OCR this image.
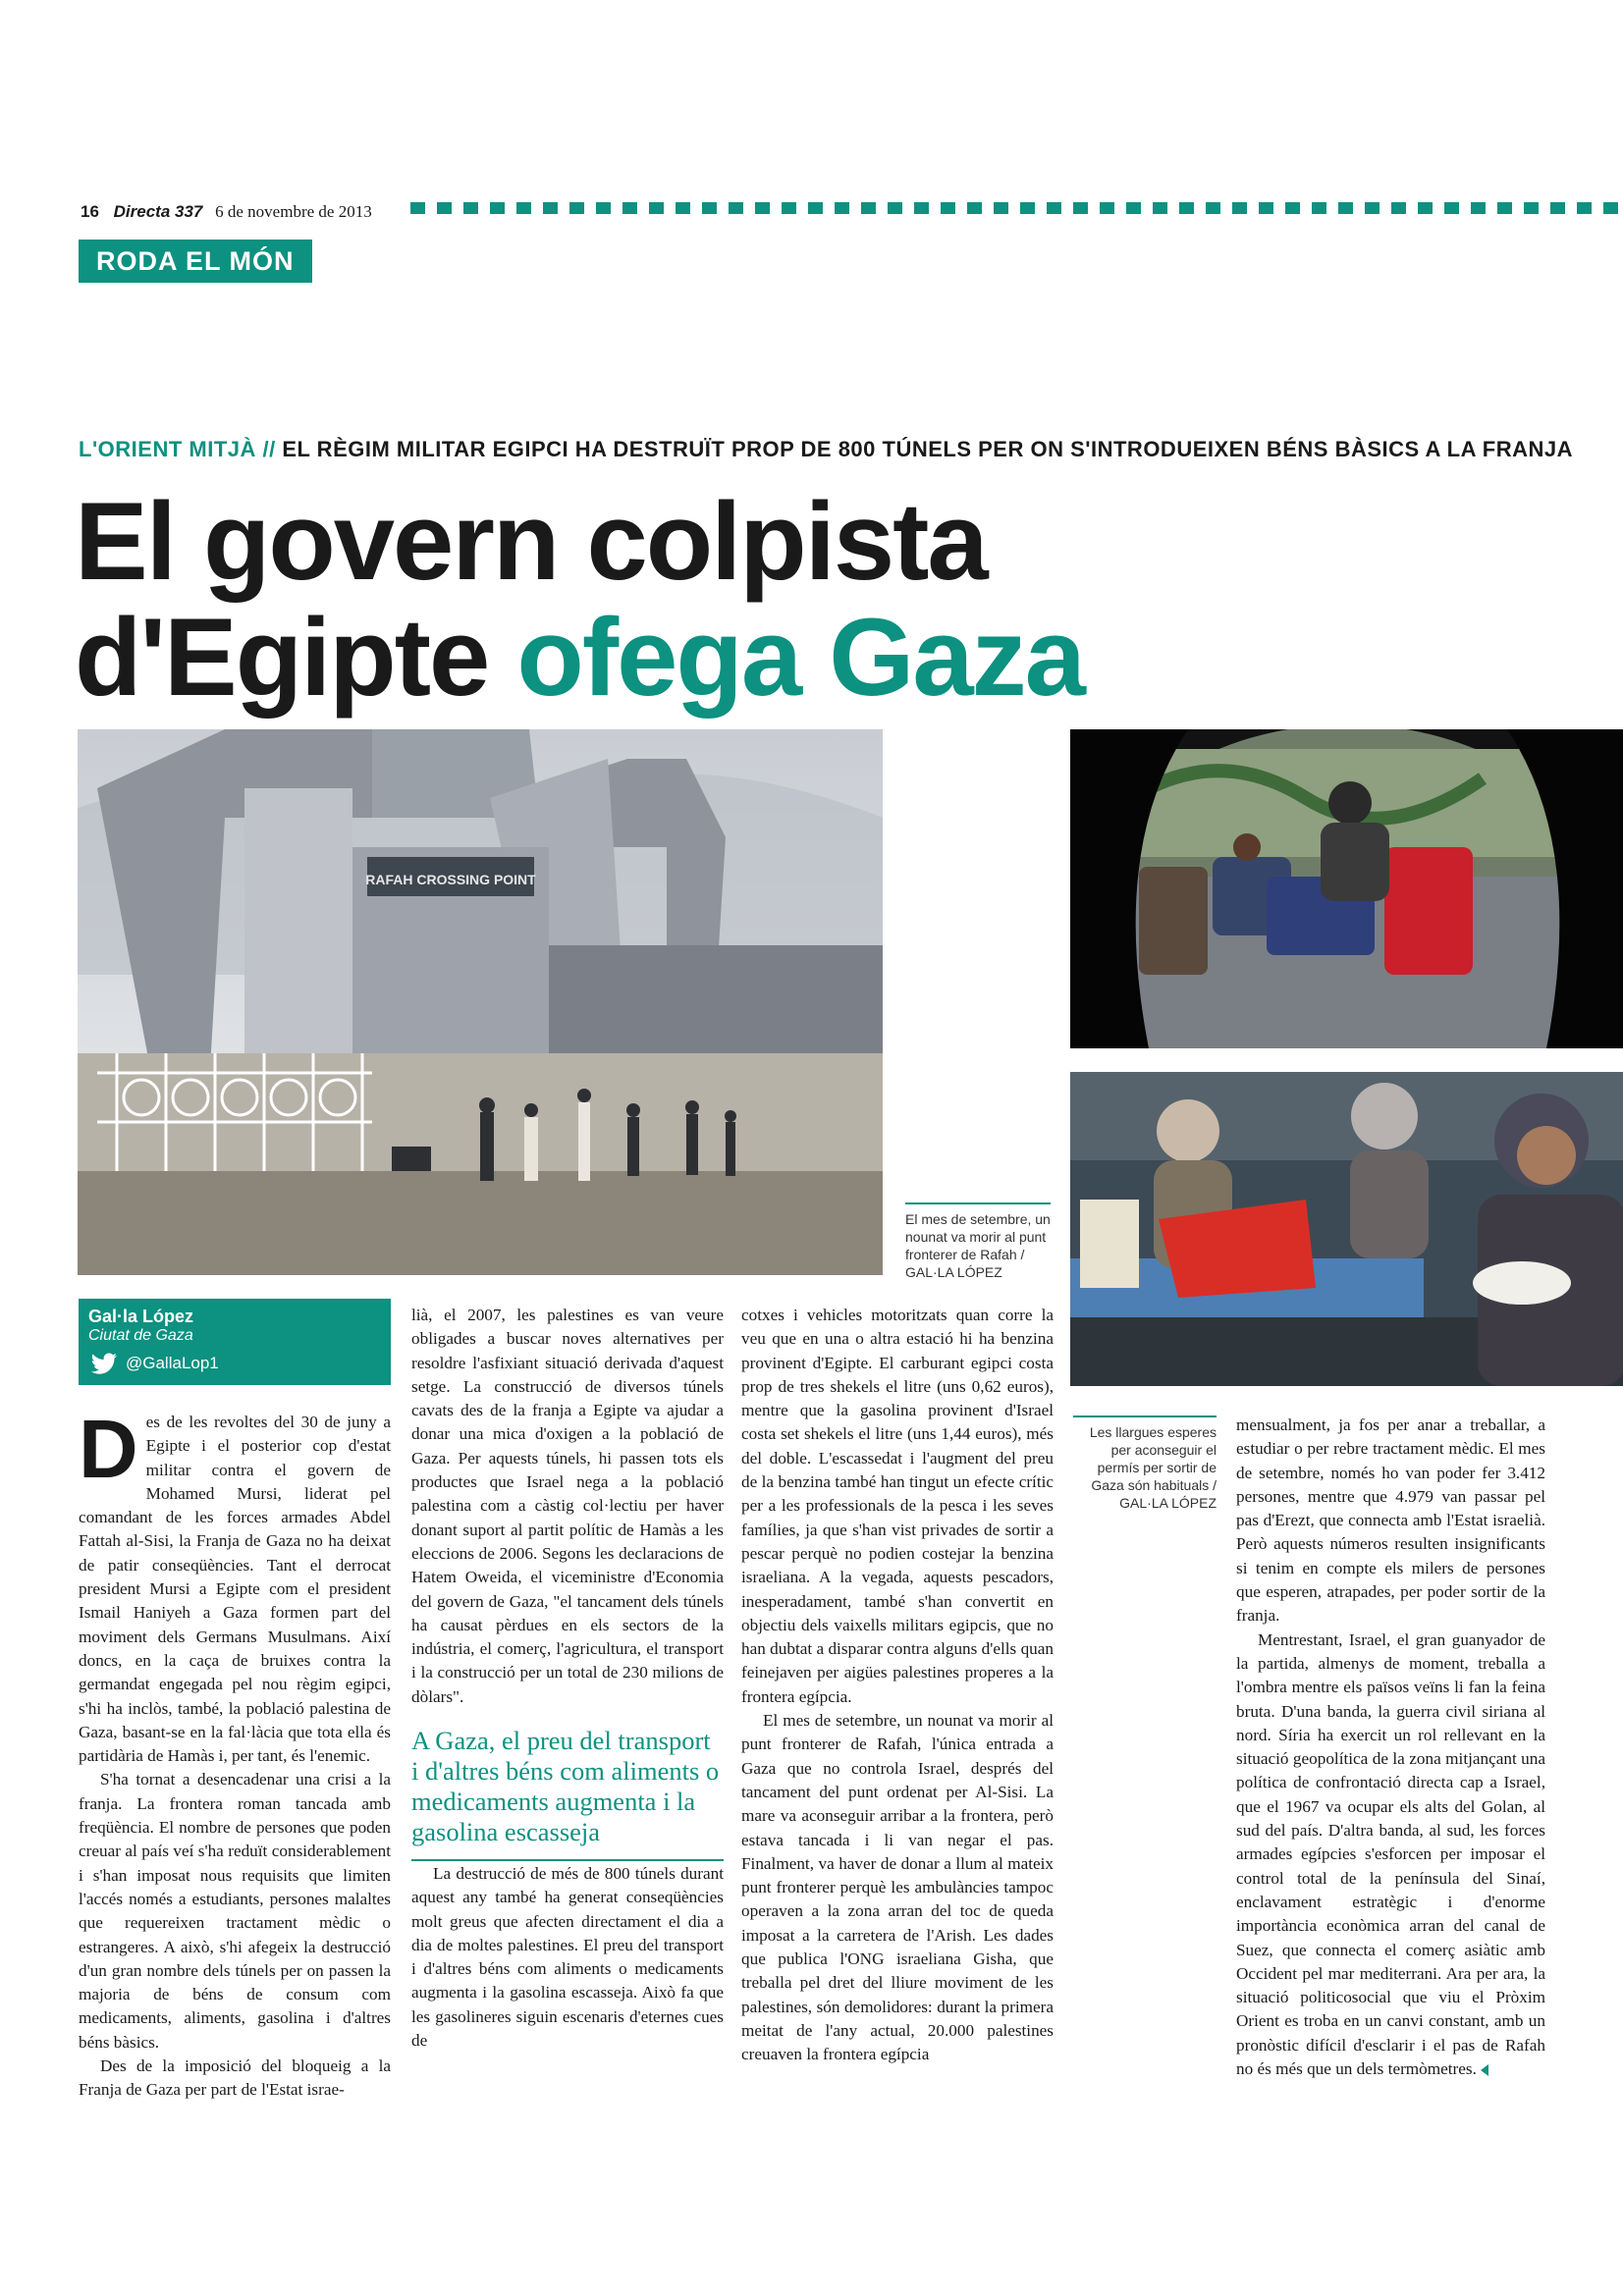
16 Directa 337 6 de novembre de 2013
RODA EL MÓN
L'ORIENT MITJÀ // EL RÈGIM MILITAR EGIPCI HA DESTRUÏT PROP DE 800 TÚNELS PER ON S'INTRODUEIXEN BÉNS BÀSICS A LA FRANJA
El govern colpista
d'Egipte ofega Gaza
RAFAH CROSSING POINT
El mes de setembre, un nounat va morir al punt fronterer de Rafah / GAL·LA LÓPEZ
Les llargues esperes per aconseguir el permís per sortir de Gaza són habituals / GAL·LA LÓPEZ
Gal·la López
Ciutat de Gaza
@GallaLop1

Des de les revoltes del 30 de juny a Egipte i el posterior cop d'estat militar contra el govern de Mohamed Mursi, liderat pel comandant de les forces armades Abdel Fattah al-Sisi, la Franja de Gaza no ha deixat de patir conseqüències. Tant el derrocat president Mursi a Egipte com el president Ismail Haniyeh a Gaza formen part del moviment dels Germans Musulmans. Així doncs, en la caça de bruixes contra la germandat engegada pel nou règim egipci, s'hi ha inclòs, també, la població palestina de Gaza, basant-se en la fal·làcia que tota ella és partidària de Hamàs i, per tant, és l'enemic.

S'ha tornat a desencadenar una crisi a la franja. La frontera roman tancada amb freqüència. El nombre de persones que poden creuar al país veí s'ha reduït considerablement i s'han imposat nous requisits que limiten l'accés només a estudiants, persones malaltes que requereixen tractament mèdic o estrangeres. A això, s'hi afegeix la destrucció d'un gran nombre dels túnels per on passen la majoria de béns de consum com medicaments, aliments, gasolina i d'altres béns bàsics.

Des de la imposició del bloqueig a la Franja de Gaza per part de l'Estat israe-

lià, el 2007, les palestines es van veure obligades a buscar noves alternatives per resoldre l'asfixiant situació derivada d'aquest setge. La construcció de diversos túnels cavats des de la franja a Egipte va ajudar a donar una mica d'oxigen a la població de Gaza. Per aquests túnels, hi passen tots els productes que Israel nega a la població palestina com a càstig col·lectiu per haver donant suport al partit polític de Hamàs a les eleccions de 2006. Segons les declaracions de Hatem Oweida, el viceministre d'Economia del govern de Gaza, "el tancament dels túnels ha causat pèrdues en els sectors de la indústria, el comerç, l'agricultura, el transport i la construcció per un total de 230 milions de dòlars".

A Gaza, el preu del transport i d'altres béns com aliments o medicaments augmenta i la gasolina escasseja

La destrucció de més de 800 túnels durant aquest any també ha generat conseqüències molt greus que afecten directament el dia a dia de moltes palestines. El preu del transport i d'altres béns com aliments o medicaments augmenta i la gasolina escasseja. Això fa que les gasolineres siguin escenaris d'eternes cues de

cotxes i vehicles motoritzats quan corre la veu que en una o altra estació hi ha benzina provinent d'Egipte. El carburant egipci costa prop de tres shekels el litre (uns 0,62 euros), mentre que la gasolina provinent d'Israel costa set shekels el litre (uns 1,44 euros), més del doble. L'escassedat i l'augment del preu de la benzina també han tingut un efecte crític per a les professionals de la pesca i les seves famílies, ja que s'han vist privades de sortir a pescar perquè no podien costejar la benzina israeliana. A la vegada, aquests pescadors, inesperadament, també s'han convertit en objectiu dels vaixells militars egipcis, que no han dubtat a disparar contra alguns d'ells quan feinejaven per aigües palestines properes a la frontera egípcia.

El mes de setembre, un nounat va morir al punt fronterer de Rafah, l'única entrada a Gaza que no controla Israel, després del tancament del punt ordenat per Al-Sisi. La mare va aconseguir arribar a la frontera, però estava tancada i li van negar el pas. Finalment, va haver de donar a llum al mateix punt fronterer perquè les ambulàncies tampoc operaven a la zona arran del toc de queda imposat a la carretera de l'Arish. Les dades que publica l'ONG israeliana Gisha, que treballa pel dret del lliure moviment de les palestines, són demolidores: durant la primera meitat de l'any actual, 20.000 palestines creuaven la frontera egípcia

mensualment, ja fos per anar a treballar, a estudiar o per rebre tractament mèdic. El mes de setembre, només ho van poder fer 3.412 persones, mentre que 4.979 van passar pel pas d'Erezt, que connecta amb l'Estat israelià. Però aquests números resulten insignificants si tenim en compte els milers de persones que esperen, atrapades, per poder sortir de la franja.

Mentrestant, Israel, el gran guanyador de la partida, almenys de moment, treballa a l'ombra mentre els països veïns li fan la feina bruta. D'una banda, la guerra civil siriana al nord. Síria ha exercit un rol rellevant en la situació geopolítica de la zona mitjançant una política de confrontació directa cap a Israel, que el 1967 va ocupar els alts del Golan, al sud del país. D'altra banda, al sud, les forces armades egípcies s'esforcen per imposar el control total de la península del Sinaí, enclavament estratègic i d'enorme importància econòmica arran del canal de Suez, que connecta el comerç asiàtic amb Occident pel mar mediterrani. Ara per ara, la situació politicosocial que viu el Pròxim Orient es troba en un canvi constant, amb un pronòstic difícil d'esclarir i el pas de Rafah no és més que un dels termòmetres.
